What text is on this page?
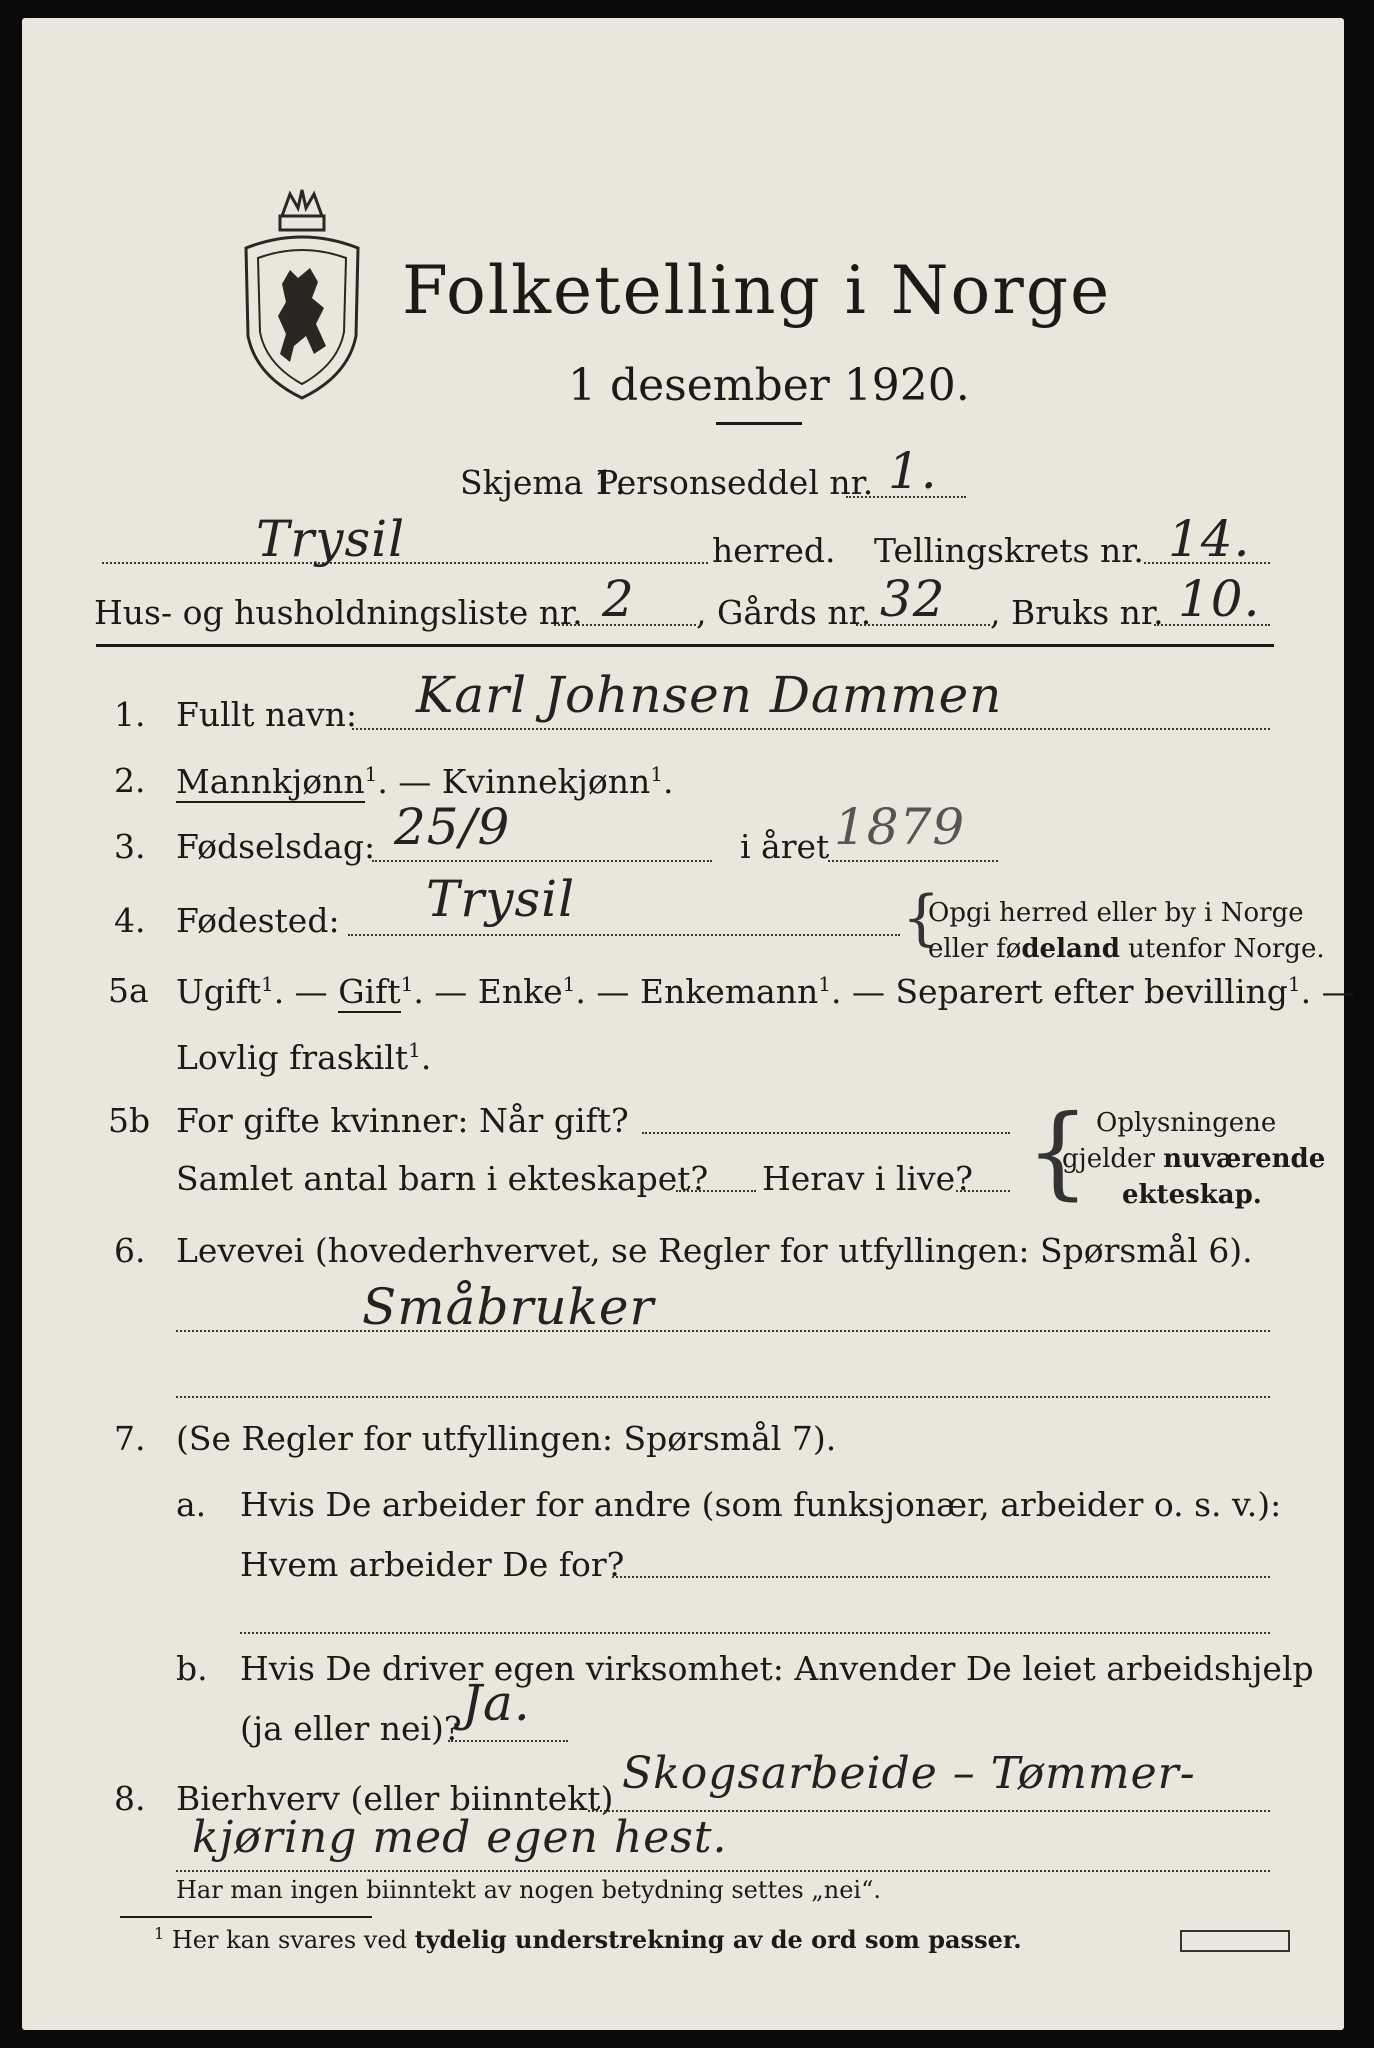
Folketelling i Norge
1 desember 1920.
Skjema 1.
Personseddel nr. 1.
Trysil	herred. Tellingskrets nr. 14.
Hus- og husholdningsliste nr. 2 , Gårds nr. 32 , Bruks nr. 10.
1. Fullt navn: Karl Johnsen Dammen
2. Mannkjønn$^1$. — Kvinnekjønn$^1$.
3. Fødselsdag: 25/9	i året 1879
4. Fødested: Trysil	{
Opgi herred eller by i Norge
eller fødeland utenfor Norge.
5a Ugift$^1$. — Gift$^1$. — Enke$^1$. — Enkemann$^1$. — Separert efter bevilling$^1$. —
Lovlig fraskilt$^1$.
5b For gifte kvinner: Når gift?
Samlet antal barn i ekteskapet? Herav i live? { Oplysningene
gjelder nuværende
ekteskap.
6. Levevei (hovederhvervet, se Regler for utfyllingen: Spørsmål 6).
Småbruker
7. (Se Regler for utfyllingen: Spørsmål 7).
a. Hvis De arbeider for andre (som funksjonær, arbeider o. s. v.):
Hvem arbeider De for?
b. Hvis De driver egen virksomhet: Anvender De leiet arbeidshjelp
(ja eller nei)? Ja.
8. Bierhverv (eller biinntekt) Skogsarbeide – Tømmer-
kjøring med egen hest.
Har man ingen biinntekt av nogen betydning settes „nei“.
$^1$ Her kan svares ved tydelig understrekning av de ord som passer.
